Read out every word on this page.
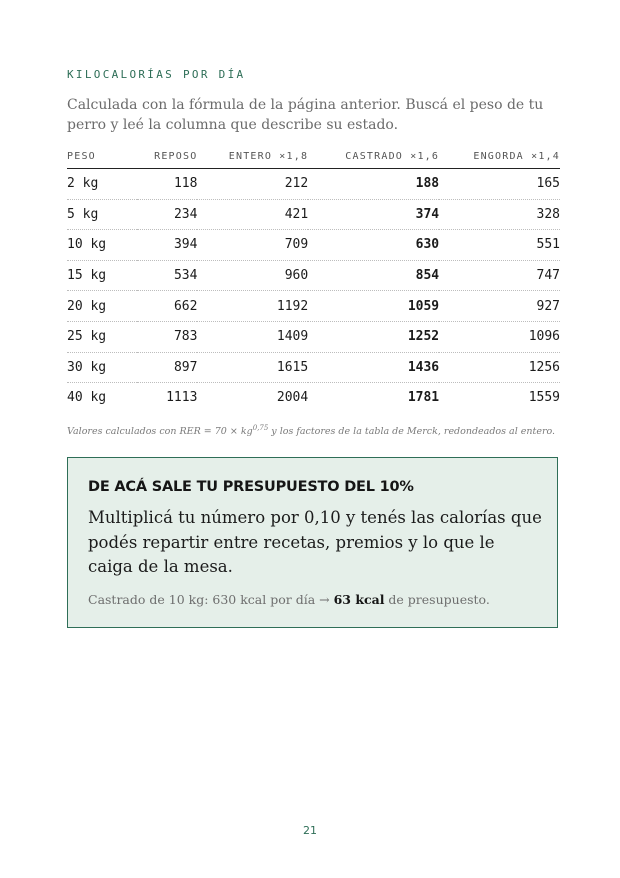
KILOCALORÍAS POR DÍA
Calculada con la fórmula de la página anterior. Buscá el peso de tu perro y leé la columna que describe su estado.
PESO	REPOSO	ENTERO ×1,8	CASTRADO ×1,6	ENGORDA ×1,4
2 kg	118	212	188	165
5 kg	234	421	374	328
10 kg	394	709	630	551
15 kg	534	960	854	747
20 kg	662	1192	1059	927
25 kg	783	1409	1252	1096
30 kg	897	1615	1436	1256
40 kg	1113	2004	1781	1559
Valores calculados con RER = 70 × kg$^{0,75}$ y los factores de la tabla de Merck, redondeados al entero.
DE ACÁ SALE TU PRESUPUESTO DEL 10%
Multiplicá tu número por 0,10 y tenés las calorías que podés repartir entre recetas, premios y lo que le caiga de la mesa.
Castrado de 10 kg: 630 kcal por día → 63 kcal de presupuesto.
21
